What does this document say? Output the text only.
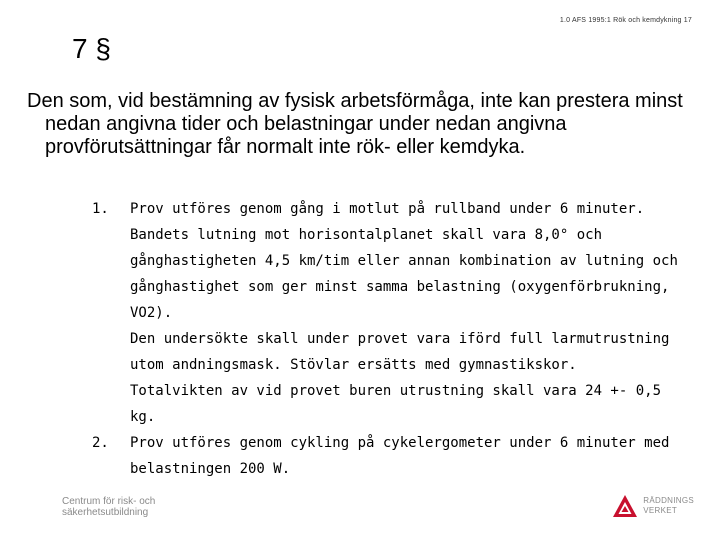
1.0 AFS 1995:1 Rök och kemdykning 17
7 §

Den som, vid bestämning av fysisk arbetsförmåga, inte kan prestera minst nedan angivna tider och belastningar under nedan angivna provförutsättningar får normalt inte rök- eller kemdyka.

1.	Prov utföres genom gång i motlut på rullband under 6 minuter. Bandets lutning mot horisontalplanet skall vara 8,0° och gånghastigheten 4,5 km/tim eller annan kombination av lutning och gånghastighet som ger minst samma belastning (oxygenförbrukning, VO2).

Den undersökte skall under provet vara iförd full larmutrustning utom andningsmask. Stövlar ersätts med gymnastikskor.

Totalvikten av vid provet buren utrustning skall vara 24 +- 0,5 kg.

2.	Prov utföres genom cykling på cykelergometer under 6 minuter med belastningen 200 W.

Centrum för risk- och
säkerhetsutbildning
RÄDDNINGS
VERKET
